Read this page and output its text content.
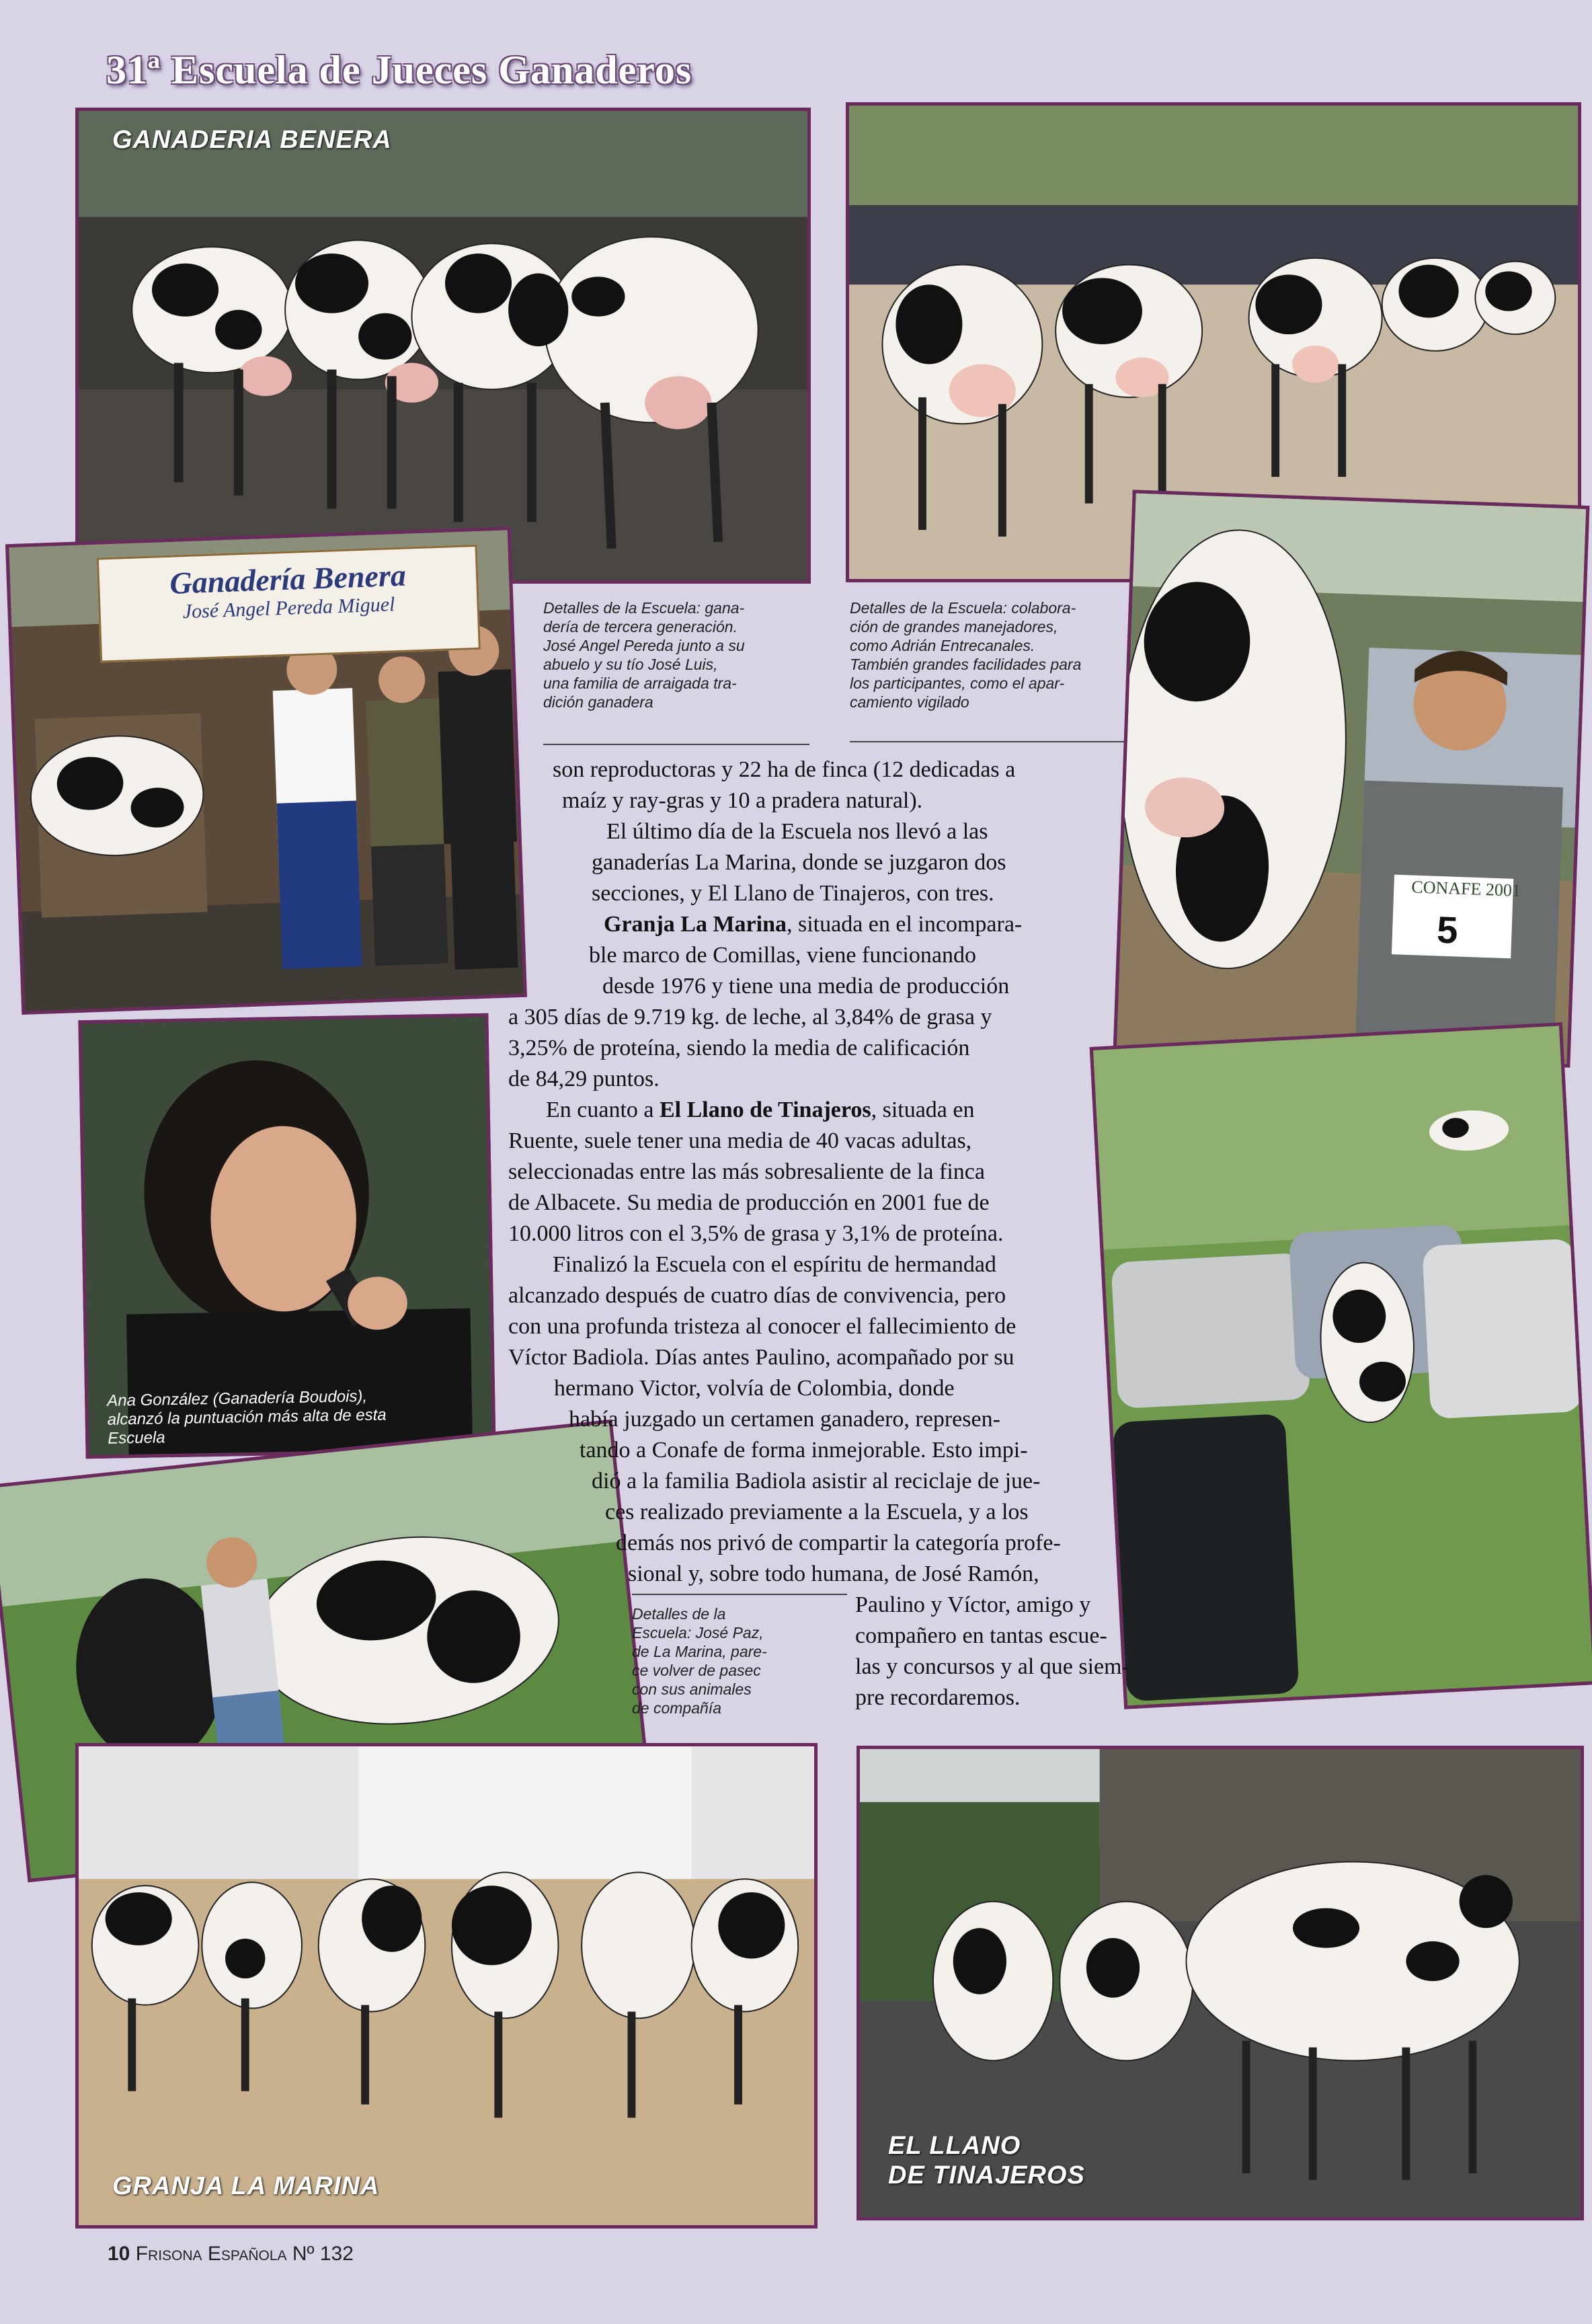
31ª Escuela de Jueces Ganaderos
GANADERIA BENERA
Ganadería Benera
José Angel Pereda Miguel	Detalles de la Escuela: gana-
dería de tercera generación.
José Angel Pereda junto a su
abuelo y su tío José Luis,
una familia de arraigada tra-
dición ganadera
Detalles de la Escuela: colabora-
ción de grandes manejadores,
como Adrián Entrecanales.
También grandes facilidades para
los participantes, como el apar-
camiento vigilado
CONAFE 2001
5
Ana González (Ganadería Boudois),
alcanzó la puntuación más alta de esta
Escuela
Detalles de la
Escuela: José Paz,
de La Marina, pare-
ce volver de pasec
con sus animales
de compañía
GRANJA LA MARINA
EL LLANO
DE TINAJEROS
son reproductoras y 22 ha de finca (12 dedicadas a
maíz y ray-gras y 10 a pradera natural).
El último día de la Escuela nos llevó a las
ganaderías La Marina, donde se juzgaron dos
secciones, y El Llano de Tinajeros, con tres.
Granja La Marina, situada en el incompara-
ble marco de Comillas, viene funcionando
desde 1976 y tiene una media de producción
a 305 días de 9.719 kg. de leche, al 3,84% de grasa y
3,25% de proteína, siendo la media de calificación
de 84,29 puntos.
En cuanto a El Llano de Tinajeros, situada en
Ruente, suele tener una media de 40 vacas adultas,
seleccionadas entre las más sobresaliente de la finca
de Albacete. Su media de producción en 2001 fue de
10.000 litros con el 3,5% de grasa y 3,1% de proteína.
Finalizó la Escuela con el espíritu de hermandad
alcanzado después de cuatro días de convivencia, pero
con una profunda tristeza al conocer el fallecimiento de
Víctor Badiola. Días antes Paulino, acompañado por su
hermano Victor, volvía de Colombia, donde
había juzgado un certamen ganadero, represen-
tando a Conafe de forma inmejorable. Esto impi-
dió a la familia Badiola asistir al reciclaje de jue-
ces realizado previamente a la Escuela, y a los
demás nos privó de compartir la categoría profe-
sional y, sobre todo humana, de José Ramón,
Paulino y Víctor, amigo y
compañero en tantas escue-
las y concursos y al que siem-
pre recordaremos.
10 Frisona Española Nº 132
